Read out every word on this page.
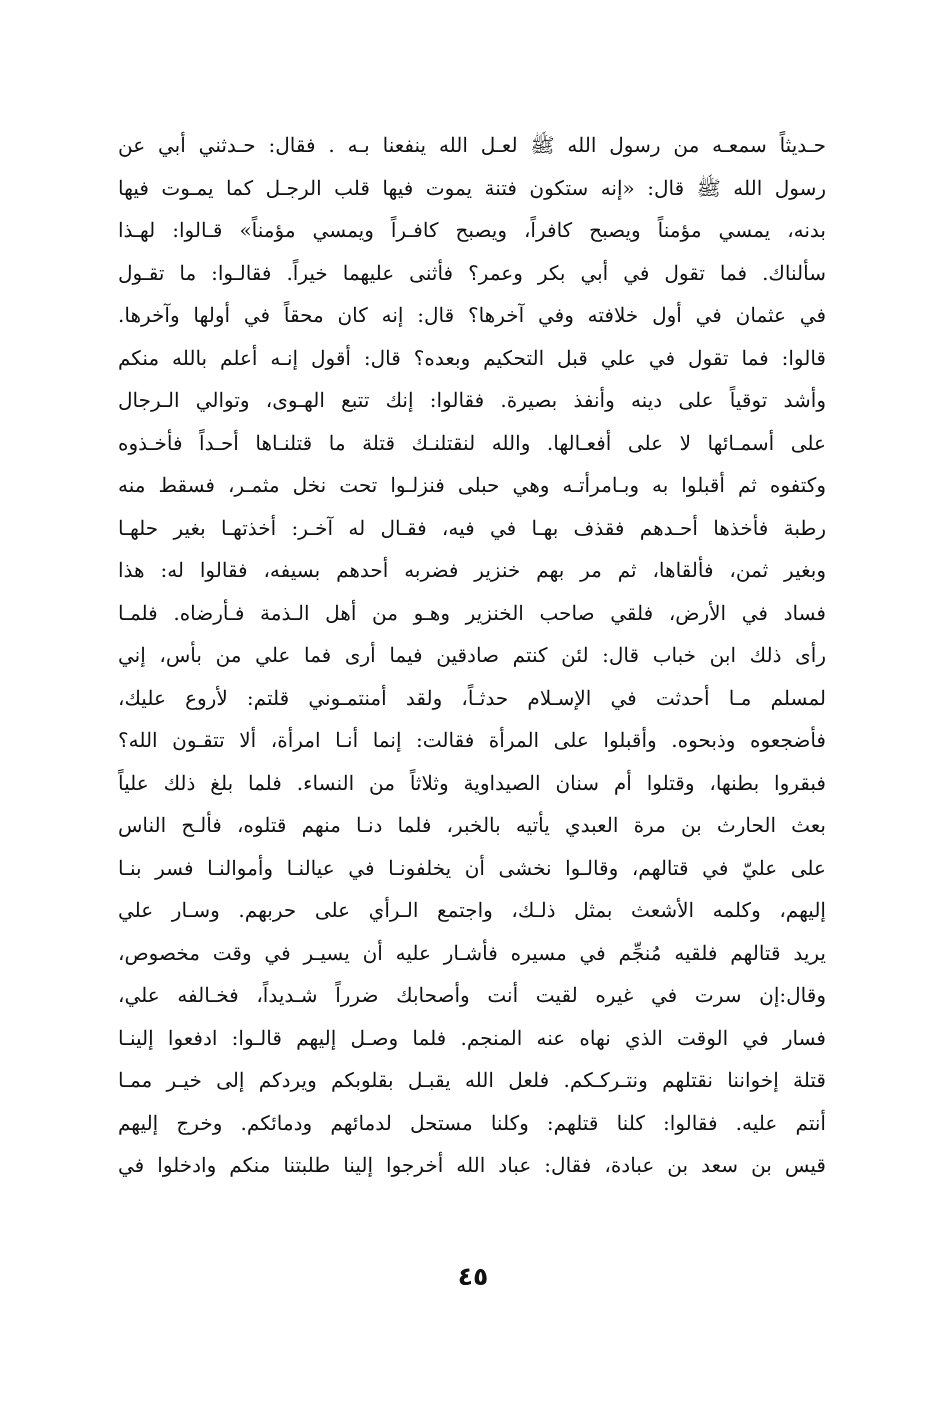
حـديثاً سمعـه من رسول الله ﷺ لعـل الله ينفعنا بـه . فقال: حـدثني أبي عن
رسول الله ﷺ قال: «إنه ستكون فتنة يموت فيها قلب الرجـل كما يمـوت فيها
بدنه، يمسي مؤمناً ويصبح كافراً، ويصبح كافـراً ويمسي مؤمناً» قـالوا: لهـذا
سألناك. فما تقول في أبي بكر وعمر؟ فأثنى عليهما خيراً. فقالـوا: ما تقـول
في عثمان في أول خلافته وفي آخرها؟ قال: إنه كان محقاً في أولها وآخرها.
قالوا: فما تقول في علي قبل التحكيم وبعده؟ قال: أقول إنـه أعلم بالله منكم
وأشد توقياً على دينه وأنفذ بصيرة. فقالوا: إنك تتبع الهـوى، وتوالي الـرجال
على أسمـائها لا على أفعـالها. والله لنقتلنـك قتلة ما قتلنـاها أحـداً فأخـذوه
وكتفوه ثم أقبلوا به وبـامرأتـه وهي حبلى فنزلـوا تحت نخل مثمـر، فسقط منه
رطبة فأخذها أحـدهم فقذف بهـا في فيه، فقـال له آخـر: أخذتهـا بغير حلهـا
وبغير ثمن، فألقاها، ثم مر بهم خنزير فضربه أحدهم بسيفه، فقالوا له: هذا
فساد في الأرض، فلقي صاحب الخنزير وهـو من أهل الـذمة فـأرضاه. فلمـا
رأى ذلك ابن خباب قال: لئن كنتم صادقين فيما أرى فما علي من بأس، إني
لمسلم مـا أحدثت في الإسـلام حدثـاً، ولقد أمنتمـوني قلتم: لأروع عليك،
فأضجعوه وذبحوه. وأقبلوا على المرأة فقالت: إنما أنـا امرأة، ألا تتقـون الله؟
فبقروا بطنها، وقتلوا أم سنان الصيداوية وثلاثاً من النساء. فلما بلغ ذلك علياً
بعث الحارث بن مرة العبدي يأتيه بالخبر، فلما دنـا منهم قتلوه، فألـح الناس
على عليّ في قتالهم، وقالـوا نخشى أن يخلفونـا في عيالنـا وأموالنـا فسر بنـا
إليهم، وكلمه الأشعث بمثل ذلـك، واجتمع الـرأي على حربهم. وسـار علي
يريد قتالهم فلقيه مُنجِّم في مسيره فأشـار عليه أن يسيـر في وقت مخصوص،
وقال:إن سرت في غيره لقيت أنت وأصحابك ضرراً شـديداً، فخـالفه علي،
فسار في الوقت الذي نهاه عنه المنجم. فلما وصـل إليهم قالـوا: ادفعوا إلينـا
قتلة إخواننا نقتلهم ونتـركـكم. فلعل الله يقبـل بقلوبكم ويردكم إلى خيـر ممـا
أنتم عليه. فقالوا: كلنا قتلهم: وكلنا مستحل لدمائهم ودمائكم. وخرج إليهم
قيس بن سعد بن عبادة، فقال: عباد الله أخرجوا إلينا طلبتنا منكم وادخلوا في
٤٥
